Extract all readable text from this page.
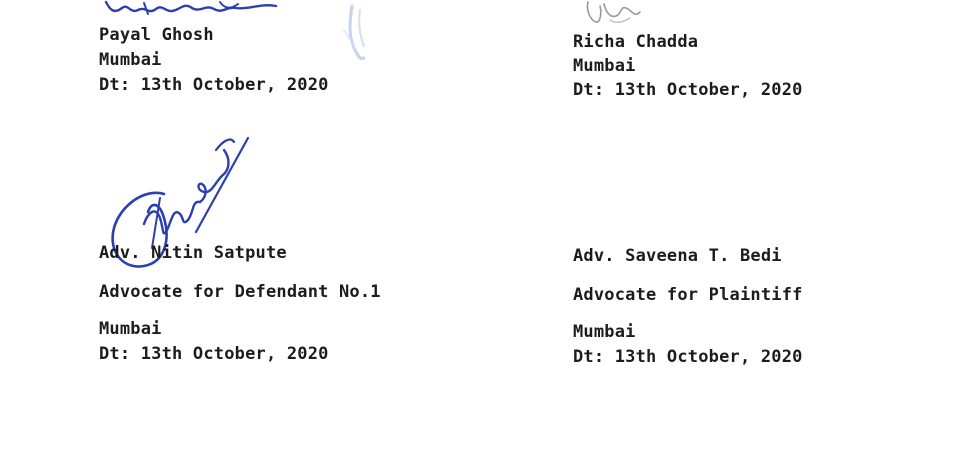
Payal Ghosh
Mumbai
Dt: 13th October, 2020
Richa Chadda
Mumbai
Dt: 13th October, 2020
Adv. Nitin Satpute
Advocate for Defendant No.1
Mumbai
Dt: 13th October, 2020
Adv. Saveena T. Bedi
Advocate for Plaintiff
Mumbai
Dt: 13th October, 2020
